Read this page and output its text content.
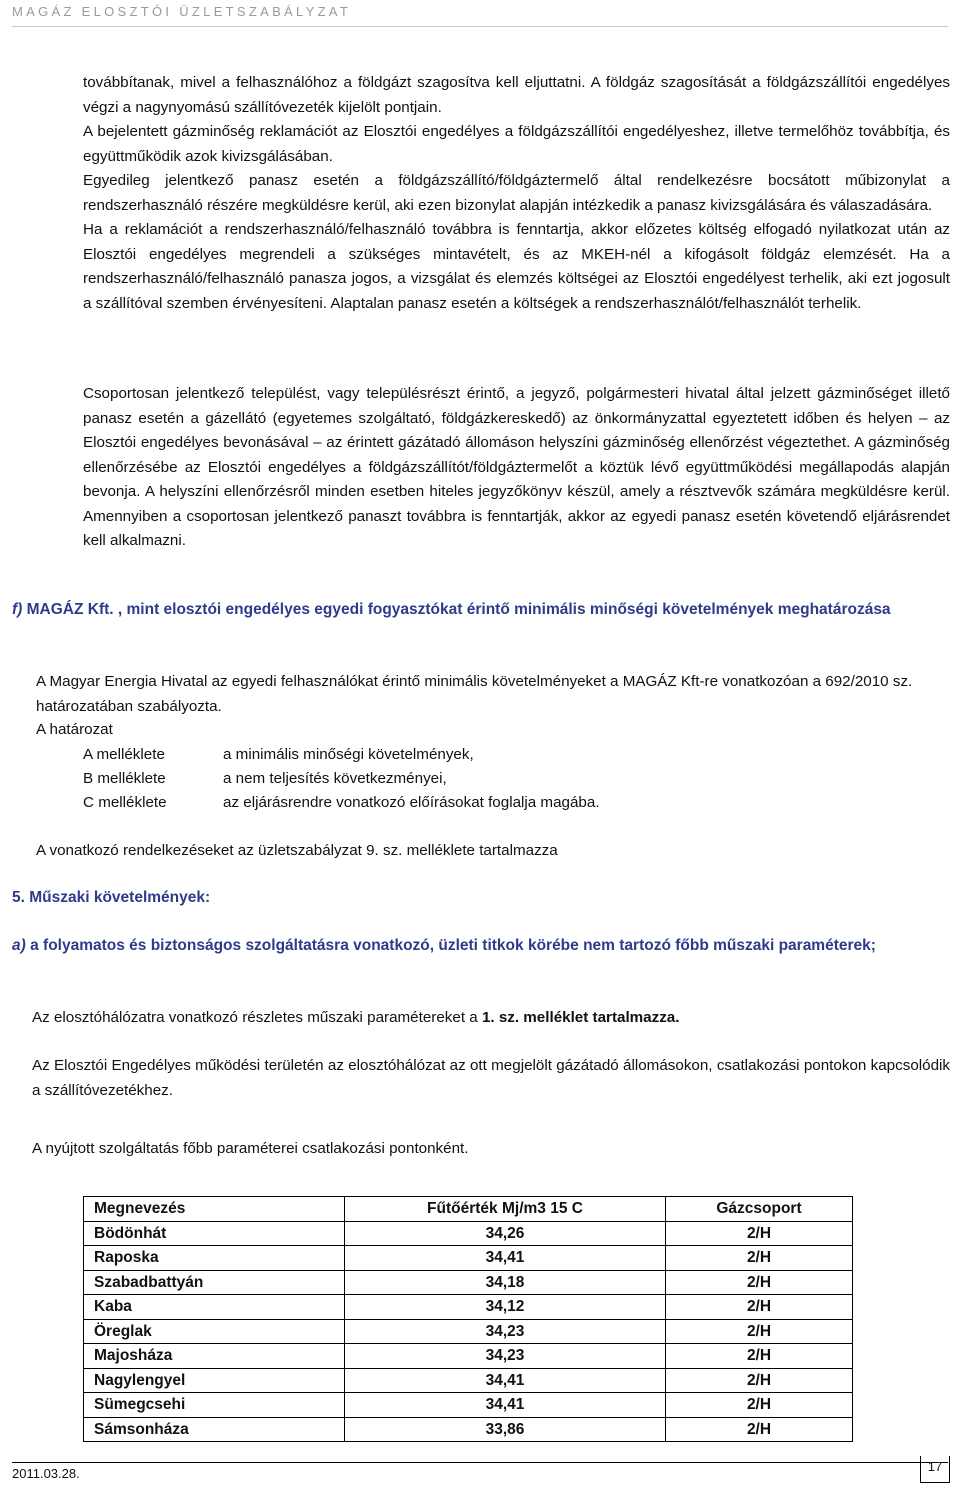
MAGÁZ ELOSZTÓI ÜZLETSZABÁLYZAT

továbbítanak, mivel a felhasználóhoz a földgázt szagosítva kell eljuttatni. A földgáz szagosítását a földgázszállítói engedélyes végzi a nagynyomású szállítóvezeték kijelölt pontjain.

A bejelentett gázminőség reklamációt az Elosztói engedélyes a földgázszállítói engedélyeshez, illetve termelőhöz továbbítja, és együttműködik azok kivizsgálásában.

Egyedileg jelentkező panasz esetén a földgázszállító/földgáztermelő által rendelkezésre bocsátott műbizonylat a rendszerhasználó részére megküldésre kerül, aki ezen bizonylat alapján intézkedik a panasz kivizsgálására és válaszadására.

Ha a reklamációt a rendszerhasználó/felhasználó továbbra is fenntartja, akkor előzetes költség elfogadó nyilatkozat után az Elosztói engedélyes megrendeli a szükséges mintavételt, és az MKEH-nél a kifogásolt földgáz elemzését. Ha a rendszerhasználó/felhasználó panasza jogos, a vizsgálat és elemzés költségei az Elosztói engedélyest terhelik, aki ezt jogosult a szállítóval szemben érvényesíteni. Alaptalan panasz esetén a költségek a rendszerhasználót/felhasználót terhelik.

Csoportosan jelentkező települést, vagy településrészt érintő, a jegyző, polgármesteri hivatal által jelzett gázminőséget illető panasz esetén a gázellátó (egyetemes szolgáltató, földgázkereskedő) az önkormányzattal egyeztetett időben és helyen – az Elosztói engedélyes bevonásával – az érintett gázátadó állomáson helyszíni gázminőség ellenőrzést végeztethet. A gázminőség ellenőrzésébe az Elosztói engedélyes a földgázszállítót/földgáztermelőt a köztük lévő együttműködési megállapodás alapján bevonja. A helyszíni ellenőrzésről minden esetben hiteles jegyzőkönyv készül, amely a résztvevők számára megküldésre kerül. Amennyiben a csoportosan jelentkező panaszt továbbra is fenntartják, akkor az egyedi panasz esetén követendő eljárásrendet kell alkalmazni.

f) MAGÁZ Kft. , mint elosztói engedélyes egyedi fogyasztókat érintő minimális minőségi követelmények meghatározása
A Magyar Energia Hivatal az egyedi felhasználókat érintő minimális követelményeket a MAGÁZ Kft-re vonatkozóan a 692/2010 sz. határozatában szabályozta.
A határozat
A melléklete	a minimális minőségi követelmények,
B melléklete	a nem teljesítés következményei,
C melléklete	az eljárásrendre vonatkozó előírásokat foglalja magába.
A vonatkozó rendelkezéseket az üzletszabályzat 9. sz. melléklete tartalmazza
5. Műszaki követelmények:
a) a folyamatos és biztonságos szolgáltatásra vonatkozó, üzleti titkok körébe nem tartozó főbb műszaki paraméterek;
Az elosztóhálózatra vonatkozó részletes műszaki paramétereket a 1. sz. melléklet tartalmazza.
Az Elosztói Engedélyes működési területén az elosztóhálózat az ott megjelölt gázátadó állomásokon, csatlakozási pontokon kapcsolódik a szállítóvezetékhez.
A nyújtott szolgáltatás főbb paraméterei csatlakozási pontonként.
Megnevezés	Fűtőérték Mj/m3 15 C	Gázcsoport
Bödönhát	34,26	2/H
Raposka	34,41	2/H
Szabadbattyán	34,18	2/H
Kaba	34,12	2/H
Öreglak	34,23	2/H
Majosháza	34,23	2/H
Nagylengyel	34,41	2/H
Sümegcsehi	34,41	2/H
Sámsonháza	33,86	2/H
2011.03.28.	17
